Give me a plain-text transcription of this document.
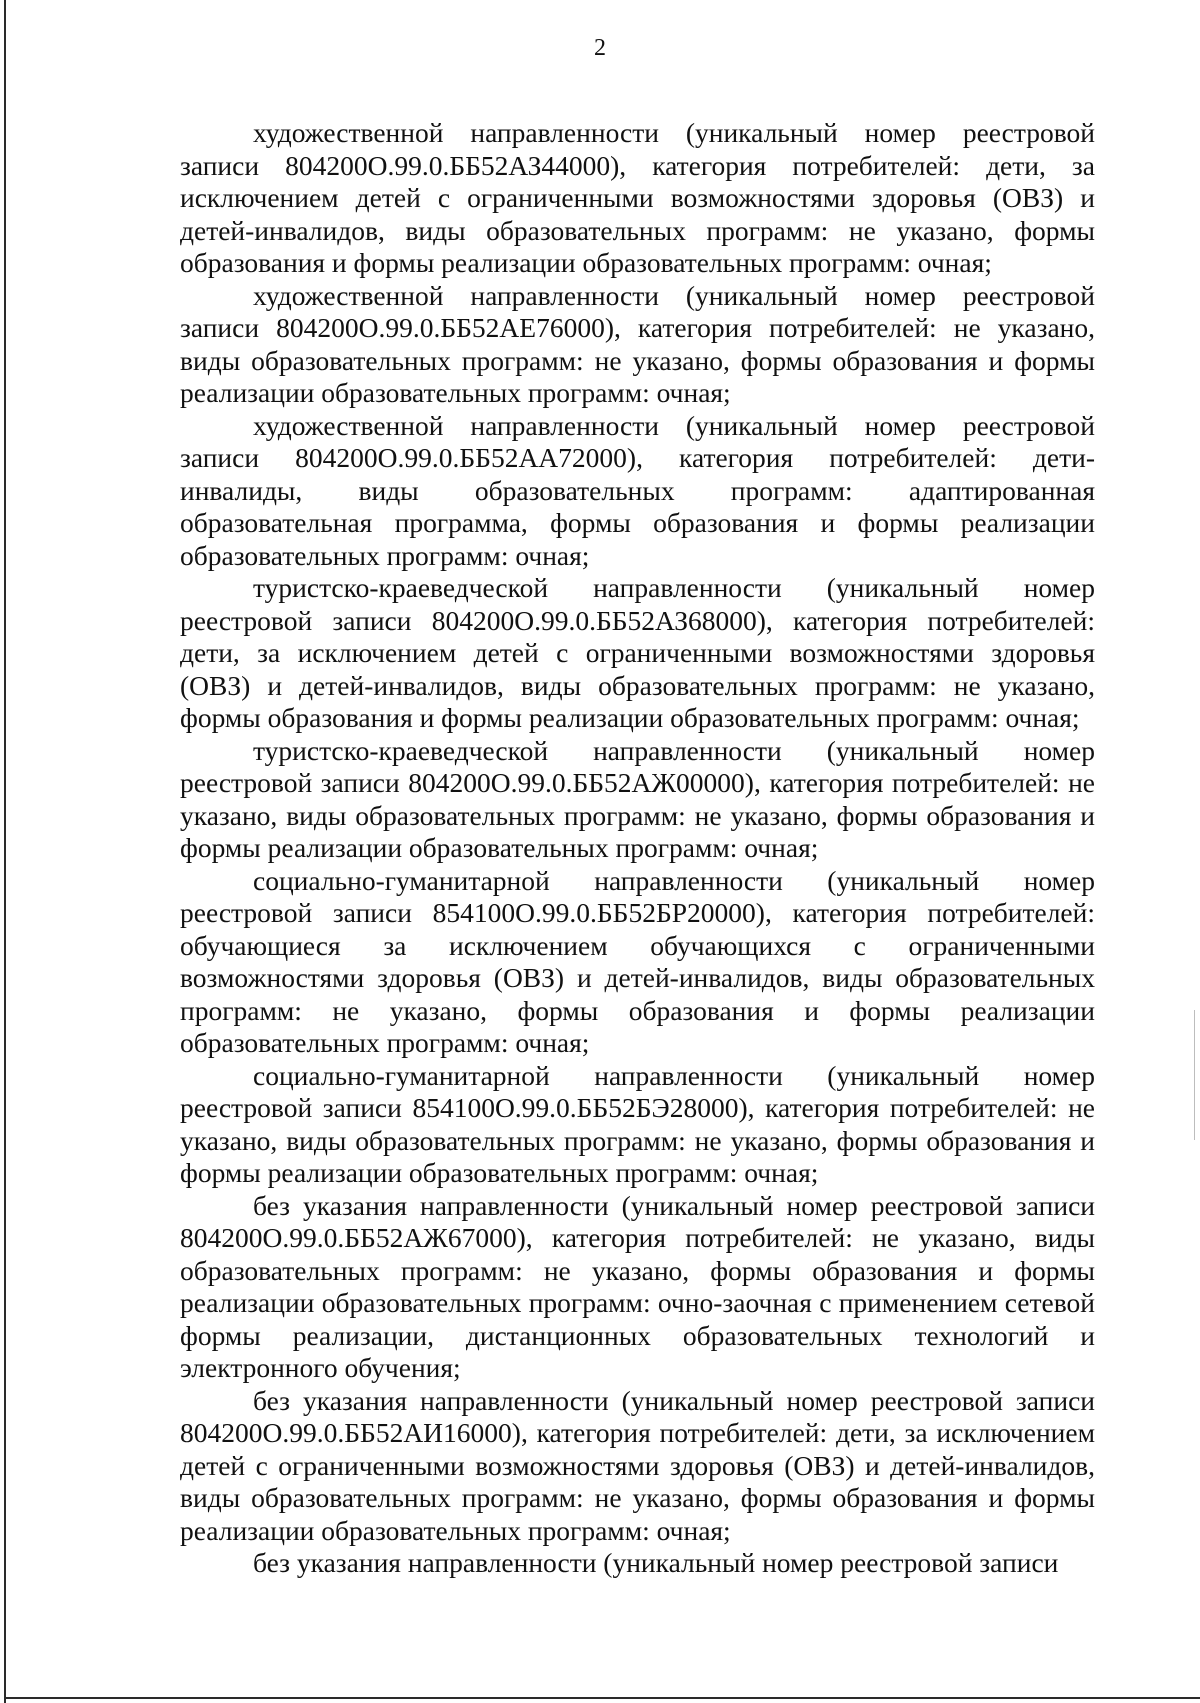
2

художественной направленности (уникальный номер реестровой записи 804200О.99.0.ББ52АЗ44000), категория потребителей: дети, за исключением детей с ограниченными возможностями здоровья (ОВЗ) и детей-инвалидов, виды образовательных программ: не указано, формы образования и формы реализации образовательных программ: очная;

художественной направленности (уникальный номер реестровой записи 804200О.99.0.ББ52АЕ76000), категория потребителей: не указано, виды образовательных программ: не указано, формы образования и формы реализации образовательных программ: очная;

художественной направленности (уникальный номер реестровой записи 804200О.99.0.ББ52АА72000), категория потребителей: дети-инвалиды, виды образовательных программ: адаптированная образовательная программа, формы образования и формы реализации образовательных программ: очная;

туристско-краеведческой направленности (уникальный номер реестровой записи 804200О.99.0.ББ52АЗ68000), категория потребителей: дети, за исключением детей с ограниченными возможностями здоровья (ОВЗ) и детей-инвалидов, виды образовательных программ: не указано, формы образования и формы реализации образовательных программ: очная;

туристско-краеведческой направленности (уникальный номер реестровой записи 804200О.99.0.ББ52АЖ00000), категория потребителей: не указано, виды образовательных программ: не указано, формы образования и формы реализации образовательных программ: очная;

социально-гуманитарной направленности (уникальный номер реестровой записи 854100О.99.0.ББ52БР20000), категория потребителей: обучающиеся за исключением обучающихся с ограниченными возможностями здоровья (ОВЗ) и детей-инвалидов, виды образовательных программ: не указано, формы образования и формы реализации образовательных программ: очная;

социально-гуманитарной направленности (уникальный номер реестровой записи 854100О.99.0.ББ52БЭ28000), категория потребителей: не указано, виды образовательных программ: не указано, формы образования и формы реализации образовательных программ: очная;

без указания направленности (уникальный номер реестровой записи 804200О.99.0.ББ52АЖ67000), категория потребителей: не указано, виды образовательных программ: не указано, формы образования и формы реализации образовательных программ: очно-заочная с применением сетевой формы реализации, дистанционных образовательных технологий и электронного обучения;

без указания направленности (уникальный номер реестровой записи 804200О.99.0.ББ52АИ16000), категория потребителей: дети, за исключением детей с ограниченными возможностями здоровья (ОВЗ) и детей-инвалидов, виды образовательных программ: не указано, формы образования и формы реализации образовательных программ: очная;

без указания направленности (уникальный номер реестровой записи
